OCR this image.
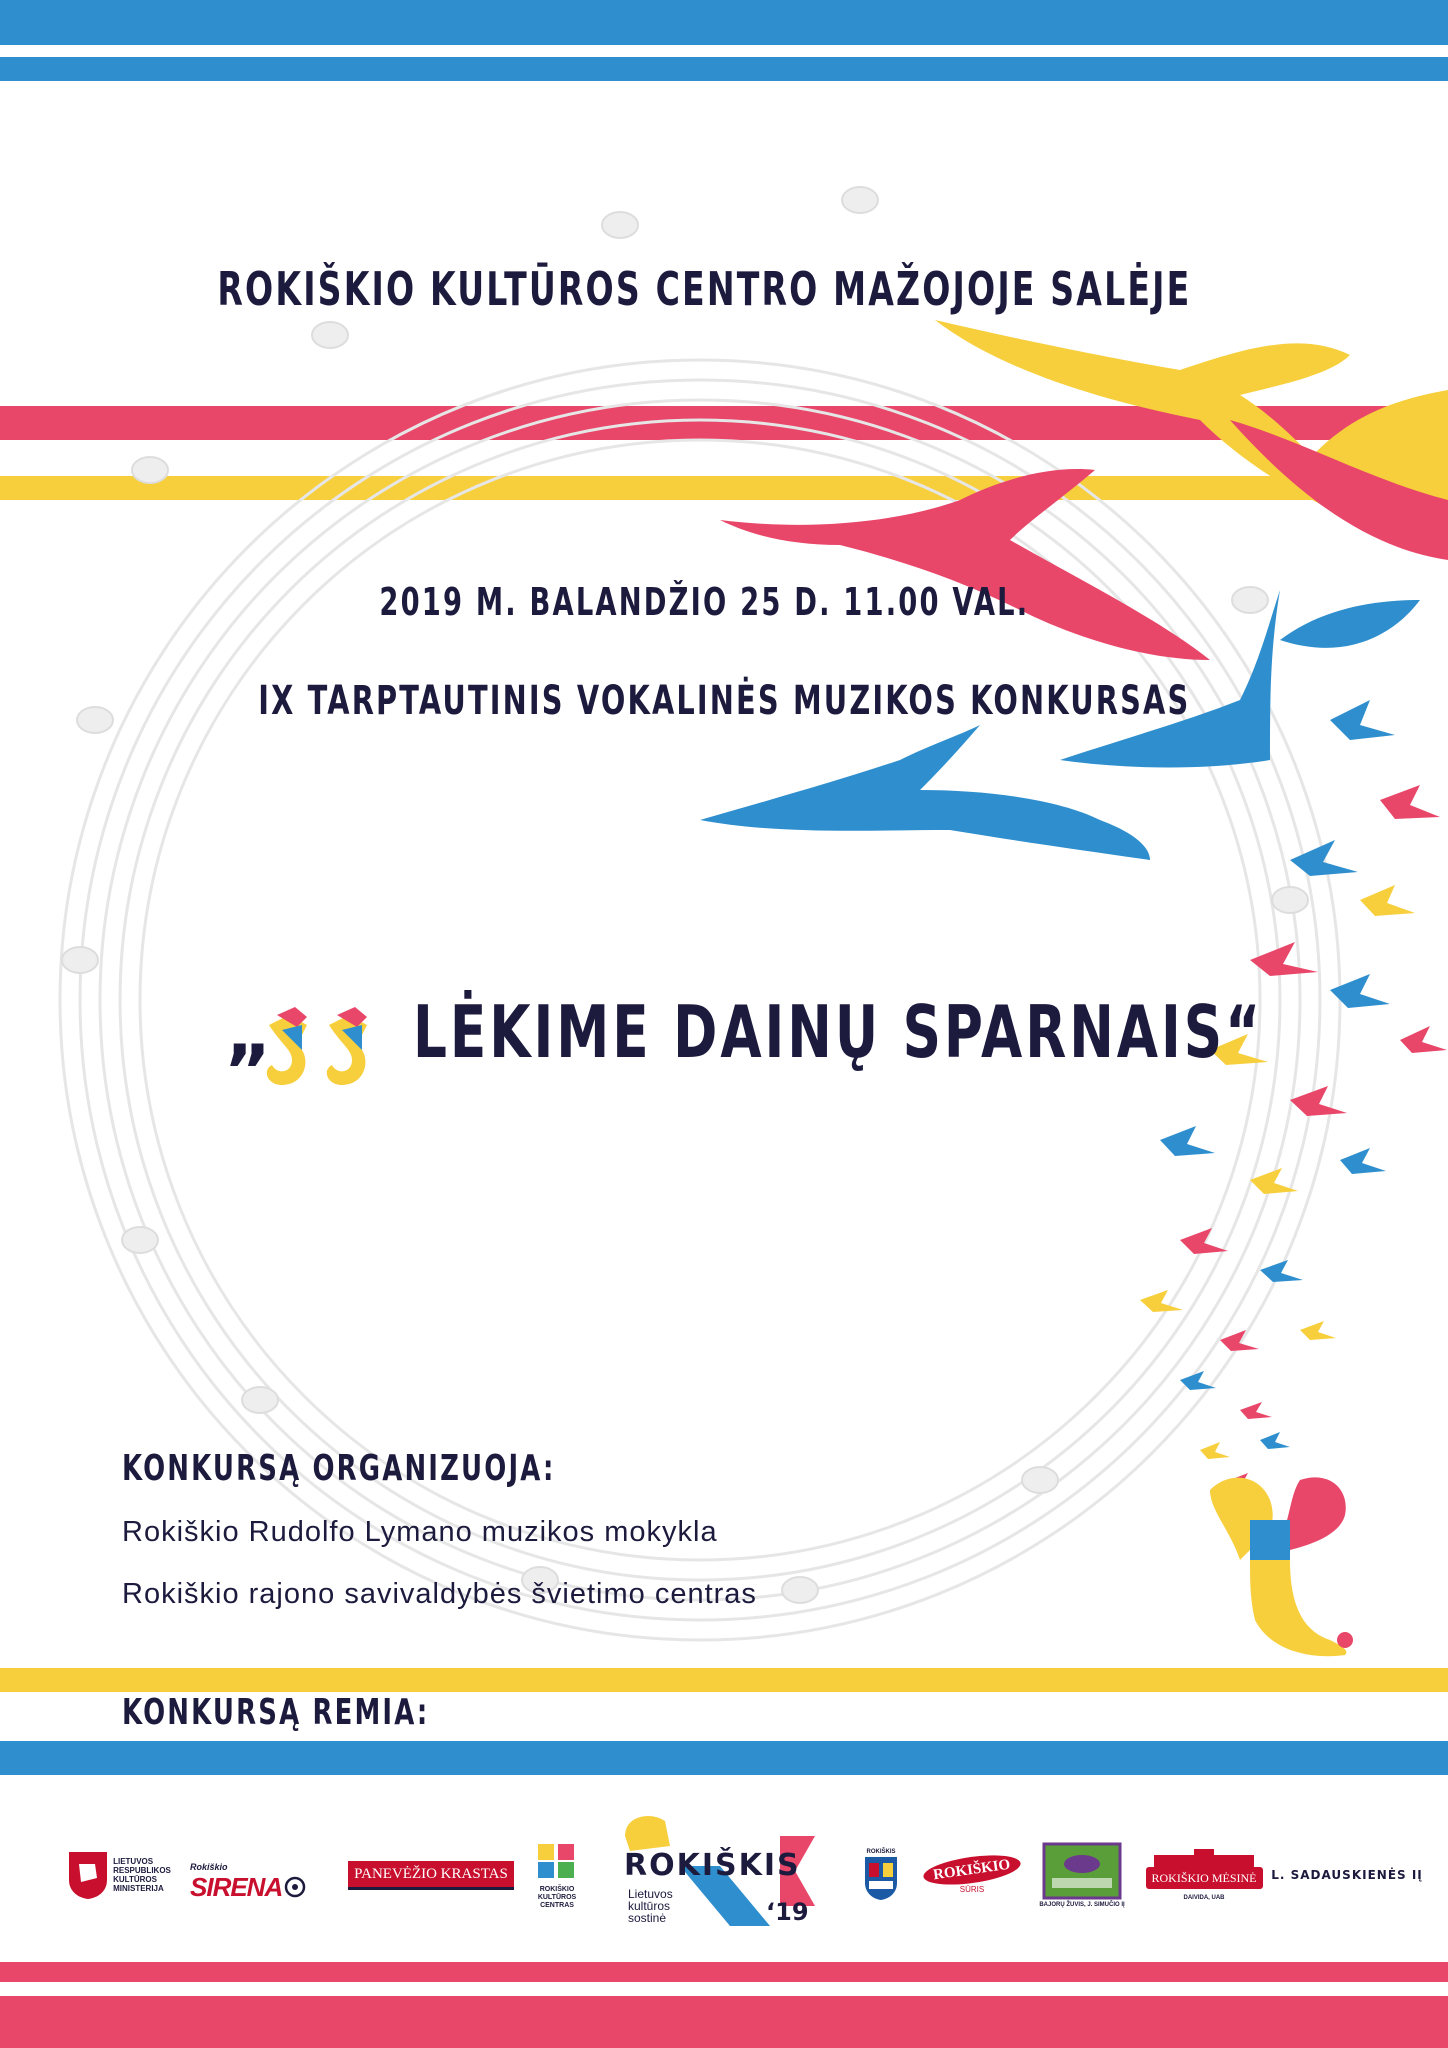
ROKIŠKIO KULTŪROS CENTRO MAŽOJOJE SALĖJE
2019 M. BALANDŽIO 25 D. 11.00 VAL.
IX TARPTAUTINIS VOKALINĖS MUZIKOS KONKURSAS
„ LĖKIME DAINŲ SPARNAIS“
KONKURSĄ ORGANIZUOJA:
Rokiškio Rudolfo Lymano muzikos mokykla
Rokiškio rajono savivaldybės švietimo centras
KONKURSĄ REMIA:
LIETUVOS
RESPUBLIKOS
KULTŪROS
MINISTERIJA
Rokiškio
SIRENA	PANEVĖŽIO KRASTAS
ROKIŠKIO
KULTŪROS
CENTRAS
ROKIŠKIS
Lietuvos
kultūros
sostinė	‘19
ROKIŠKIS
ROKIŠKIO
SŪRIS
BAJORŲ ŽUVIS, J. SIMUČIO IĮ
ROKIŠKIO MĖSINĖ
DAIVIDA, UAB
L. SADAUSKIENĖS IĮ
